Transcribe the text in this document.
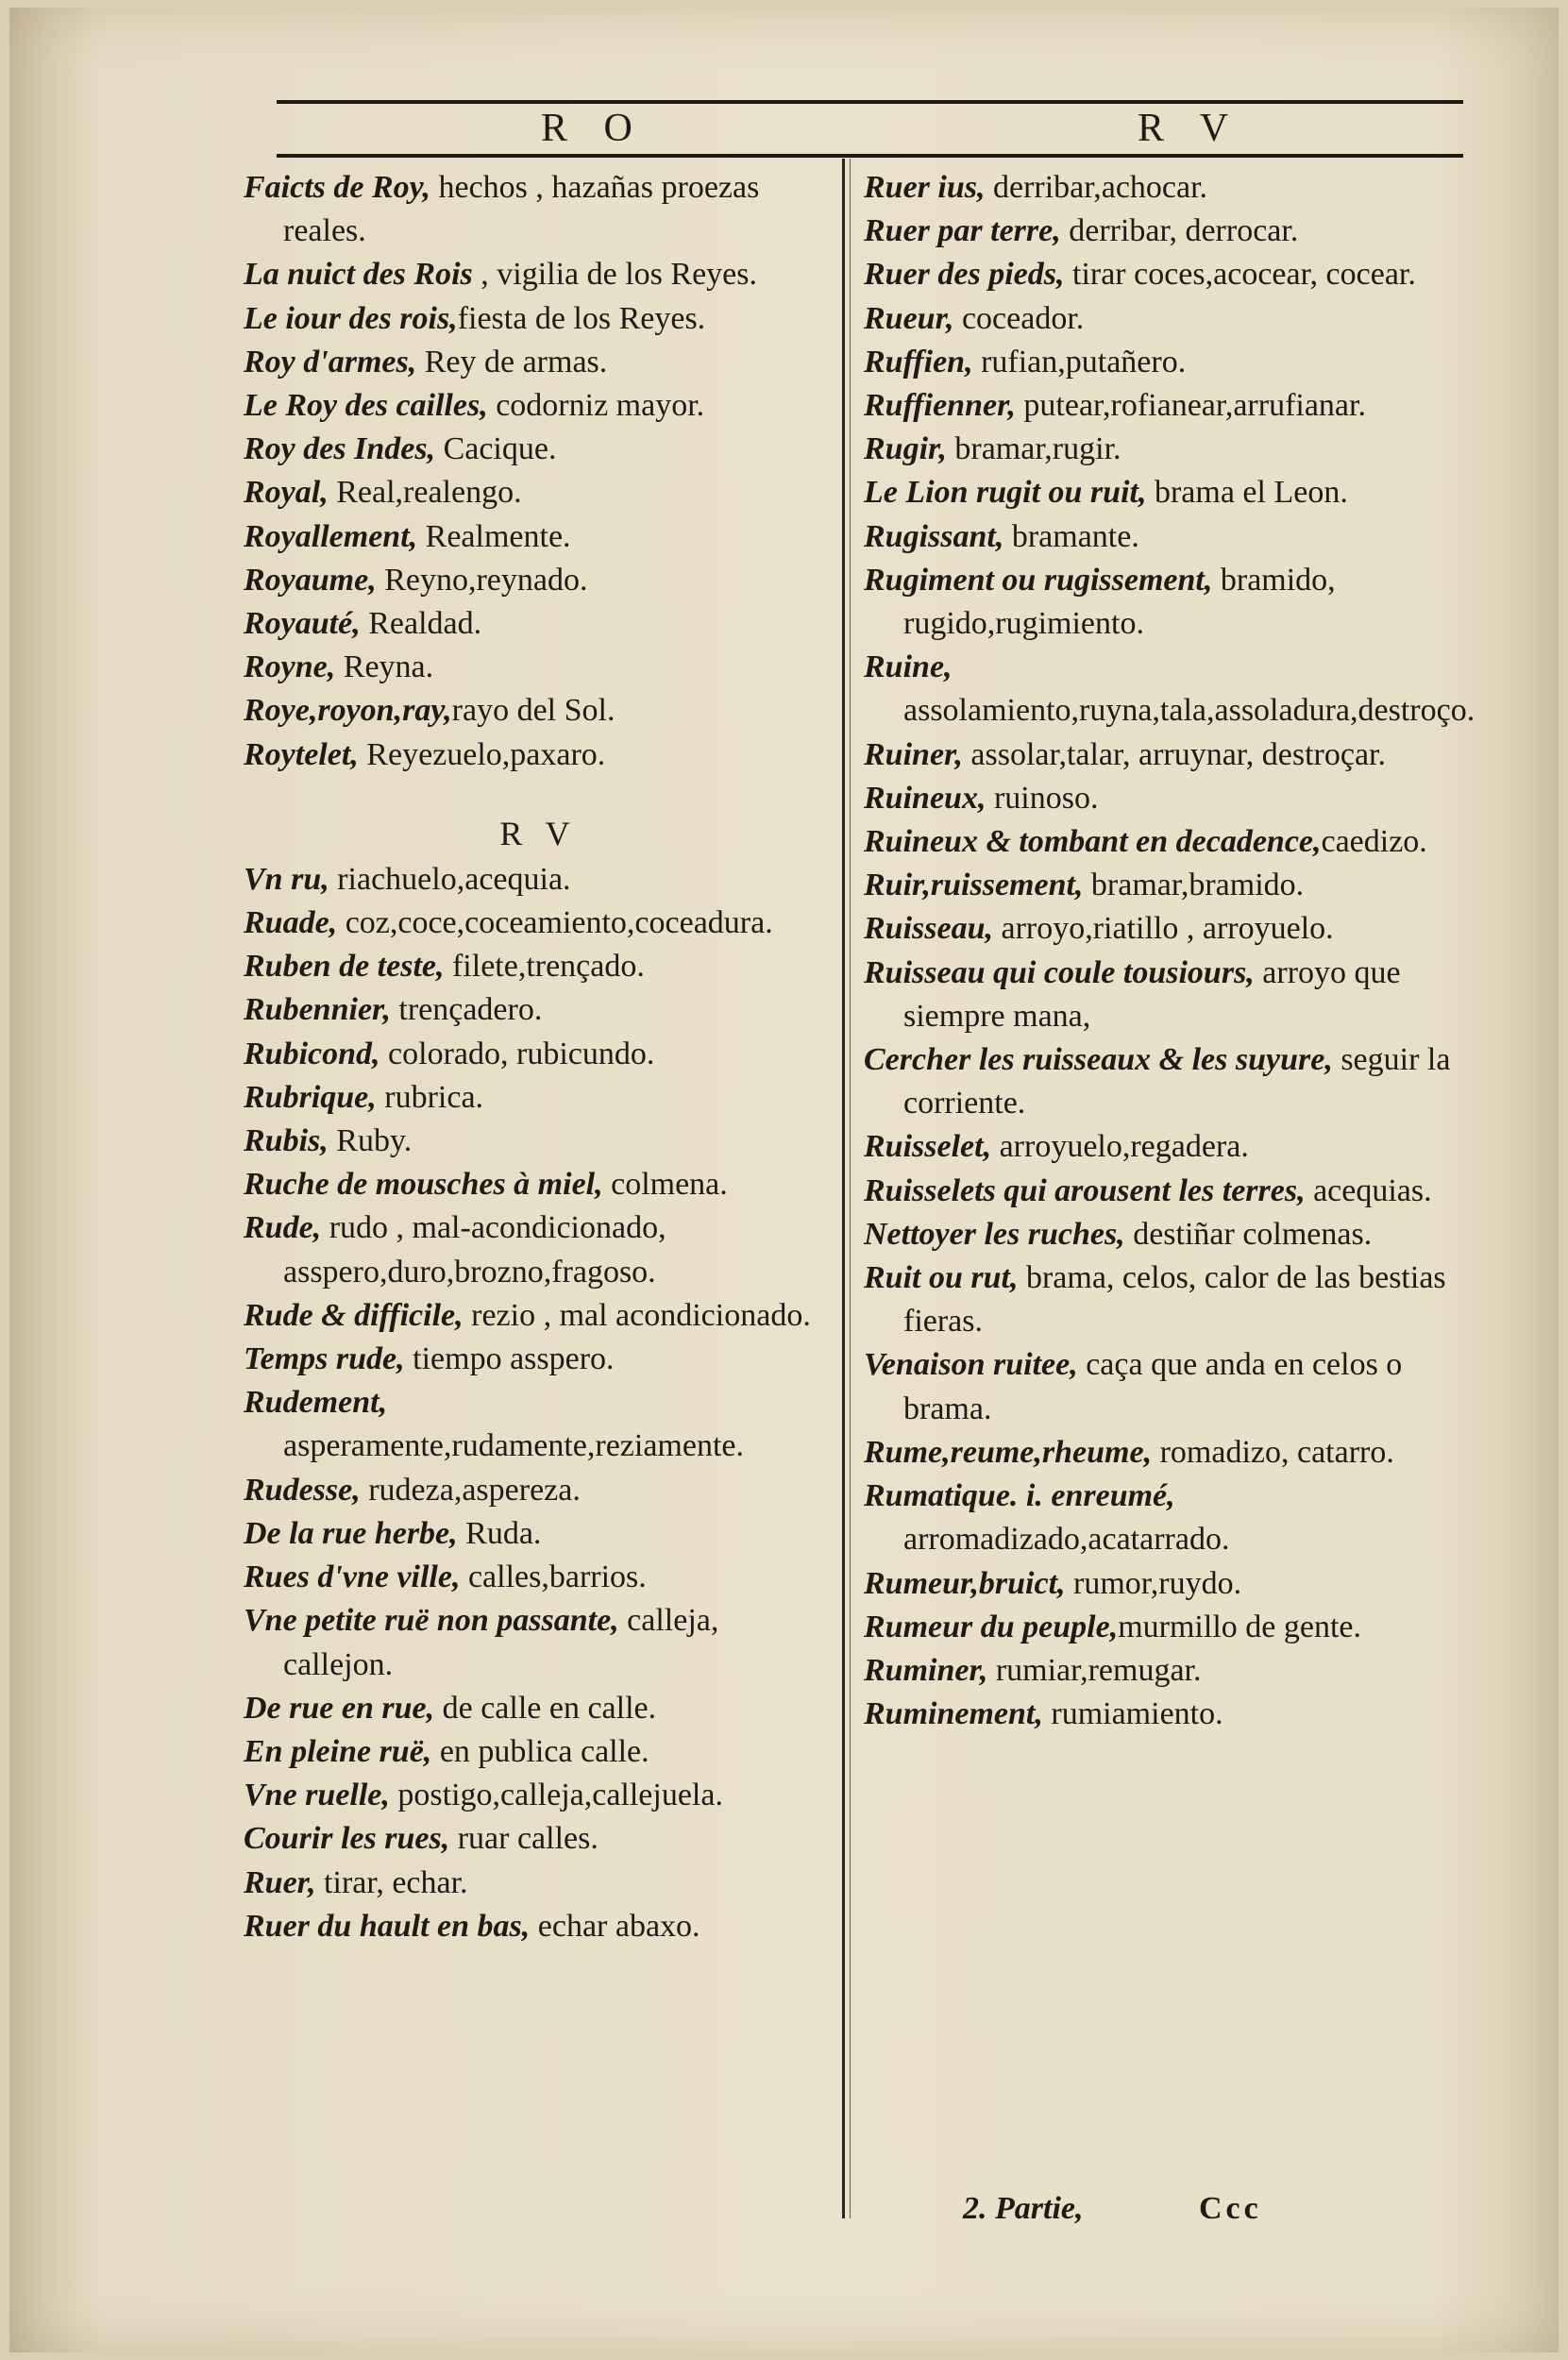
R O	R V

Faicts de Roy, hechos , hazañas proezas reales.

La nuict des Rois , vigilia de los Reyes.

Le iour des rois,fiesta de los Reyes.

Roy d'armes, Rey de armas.

Le Roy des cailles, codorniz mayor.

Roy des Indes, Cacique.

Royal, Real,realengo.

Royallement, Realmente.

Royaume, Reyno,reynado.

Royauté, Realdad.

Royne, Reyna.

Roye,royon,ray,rayo del Sol.

Roytelet, Reyezuelo,paxaro.

R V

Vn ru, riachuelo,acequia.

Ruade, coz,coce,coceamiento,coceadura.

Ruben de teste, filete,trençado.

Rubennier, trençadero.

Rubicond, colorado, rubicundo.

Rubrique, rubrica.

Rubis, Ruby.

Ruche de mousches à miel, colmena.

Rude, rudo , mal-acondicionado, asspero,duro,brozno,fragoso.

Rude & difficile, rezio , mal acondicionado.

Temps rude, tiempo asspero.

Rudement, asperamente,rudamente,reziamente.

Rudesse, rudeza,aspereza.

De la rue herbe, Ruda.

Rues d'vne ville, calles,barrios.

Vne petite ruë non passante, calleja, callejon.

De rue en rue, de calle en calle.

En pleine ruë, en publica calle.

Vne ruelle, postigo,calleja,callejuela.

Courir les rues, ruar calles.

Ruer, tirar, echar.

Ruer du hault en bas, echar abaxo.

Ruer ius, derribar,achocar.

Ruer par terre, derribar, derrocar.

Ruer des pieds, tirar coces,acocear, cocear.

Rueur, coceador.

Ruffien, rufian,putañero.

Ruffienner, putear,rofianear,arrufianar.

Rugir, bramar,rugir.

Le Lion rugit ou ruit, brama el Leon.

Rugissant, bramante.

Rugiment ou rugissement, bramido, rugido,rugimiento.

Ruine, assolamiento,ruyna,tala,assoladura,destroço.

Ruiner, assolar,talar, arruynar, destroçar.

Ruineux, ruinoso.

Ruineux & tombant en decadence,caedizo.

Ruir,ruissement, bramar,bramido.

Ruisseau, arroyo,riatillo , arroyuelo.

Ruisseau qui coule tousiours, arroyo que siempre mana,

Cercher les ruisseaux & les suyure, seguir la corriente.

Ruisselet, arroyuelo,regadera.

Ruisselets qui arousent les terres, acequias.

Nettoyer les ruches, destiñar colmenas.

Ruit ou rut, brama, celos, calor de las bestias fieras.

Venaison ruitee, caça que anda en celos o brama.

Rume,reume,rheume, romadizo, catarro.

Rumatique. i. enreumé, arromadizado,acatarrado.

Rumeur,bruict, rumor,ruydo.

Rumeur du peuple,murmillo de gente.

Ruminer, rumiar,remugar.

Ruminement, rumiamiento.

2. Partie,	Ccc
